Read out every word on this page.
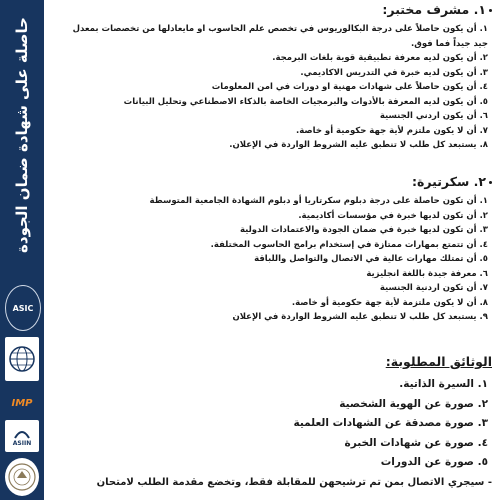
حاصلة على شهادة ضمان الجودة
ASIC
IMP
ASIIN
١. مشرف مختبر:
١. أن يكون حاصلاً على درجة البكالوريوس في تخصص علم الحاسوب او مايعادلها من تخصصات بمعدل
جيد جيداً فما فوق.
٢. أن يكون لديه معرفة تطبيقية قوية بلغات البرمجة.
٣. أن يكون لديه خبرة في التدريس الاكاديمي.
٤. أن يكون حاصلاً على شهادات مهنية او دورات في امن المعلومات
٥. أن يكون لديه المعرفة بالأدوات والبرمجيات الخاصة بالذكاء الاصطناعي وتحليل البيانات
٦. أن يكون اردني الجنسية
٧. أن لا يكون ملتزم لأية جهة حكومية أو خاصة.
٨. يستبعد كل طلب لا تنطبق عليه الشروط الواردة في الإعلان.
٢. سكرتيرة:
١. أن تكون حاصلة على درجة دبلوم سكرتاريا أو دبلوم الشهادة الجامعية المتوسطة
٢. أن تكون لديها خبرة في مؤسسات أكاديمية.
٣. أن تكون لديها خبرة في ضمان الجودة والاعتمادات الدولية
٤. أن تتمتع بمهارات ممتازة في إستخدام برامج الحاسوب المختلفة.
٥. أن تمتلك مهارات عالية في الاتصال والتواصل واللباقة
٦. معرفة جيدة باللغة انجليزية
٧. أن تكون اردنية الجنسية
٨. أن لا يكون ملتزمة لأية جهة حكومية أو خاصة.
٩. يستبعد كل طلب لا تنطبق عليه الشروط الواردة في الإعلان
الوثائق المطلوبة:
١. السيرة الذاتية.
٢. صورة عن الهوية الشخصية
٣. صورة مصدقة عن الشهادات العلمية
٤. صورة عن شهادات الخبرة
٥. صورة عن الدورات

- سيجري الاتصال بمن تم ترشيحهن للمقابلة فقط، وتخضع مقدمة الطلب لامتحان
